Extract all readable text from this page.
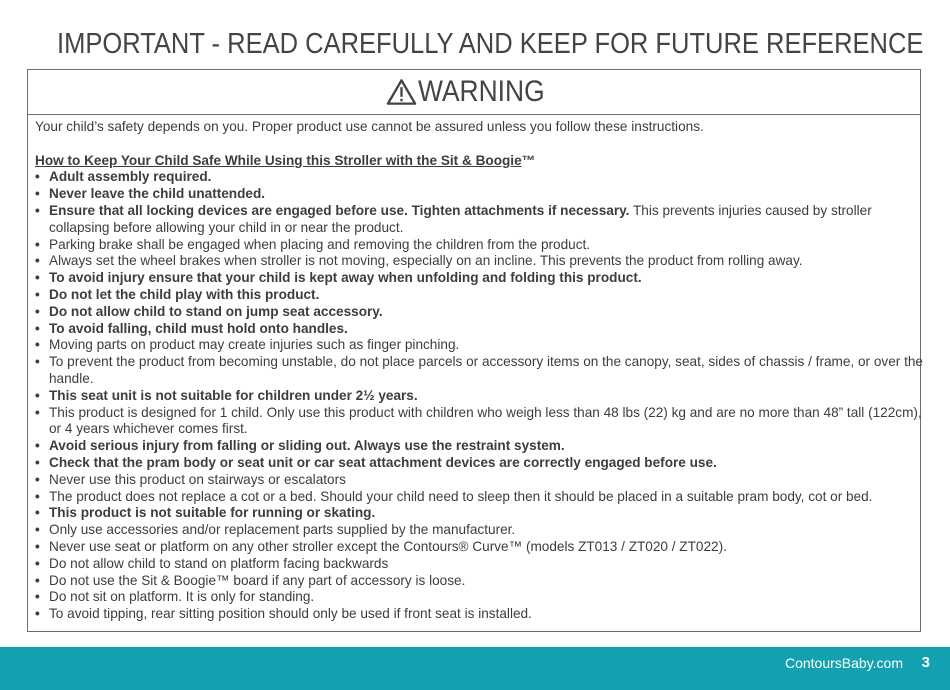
IMPORTANT - READ CAREFULLY AND KEEP FOR FUTURE REFERENCE
WARNING

Your child’s safety depends on you. Proper product use cannot be assured unless you follow these instructions.

How to Keep Your Child Safe While Using this Stroller with the Sit & Boogie™

• Adult assembly required.
• Never leave the child unattended.
• Ensure that all locking devices are engaged before use. Tighten attachments if necessary. This prevents injuries caused by stroller collapsing before allowing your child in or near the product.
• Parking brake shall be engaged when placing and removing the children from the product.
• Always set the wheel brakes when stroller is not moving, especially on an incline. This prevents the product from rolling away.
• To avoid injury ensure that your child is kept away when unfolding and folding this product.
• Do not let the child play with this product.
• Do not allow child to stand on jump seat accessory.
• To avoid falling, child must hold onto handles.
• Moving parts on product may create injuries such as finger pinching.
• To prevent the product from becoming unstable, do not place parcels or accessory items on the canopy, seat, sides of chassis / frame, or over the handle.
• This seat unit is not suitable for children under 2½ years.
• This product is designed for 1 child. Only use this product with children who weigh less than 48 lbs (22) kg and are no more than 48” tall (122cm), or 4 years whichever comes first.
• Avoid serious injury from falling or sliding out. Always use the restraint system.
• Check that the pram body or seat unit or car seat attachment devices are correctly engaged before use.
• Never use this product on stairways or escalators
• The product does not replace a cot or a bed. Should your child need to sleep then it should be placed in a suitable pram body, cot or bed.
• This product is not suitable for running or skating.
• Only use accessories and/or replacement parts supplied by the manufacturer.
• Never use seat or platform on any other stroller except the Contours® Curve™ (models ZT013 / ZT020 / ZT022).
• Do not allow child to stand on platform facing backwards
• Do not use the Sit & Boogie™ board if any part of accessory is loose.
• Do not sit on platform. It is only for standing.
• To avoid tipping, rear sitting position should only be used if front seat is installed.
ContoursBaby.com 3
